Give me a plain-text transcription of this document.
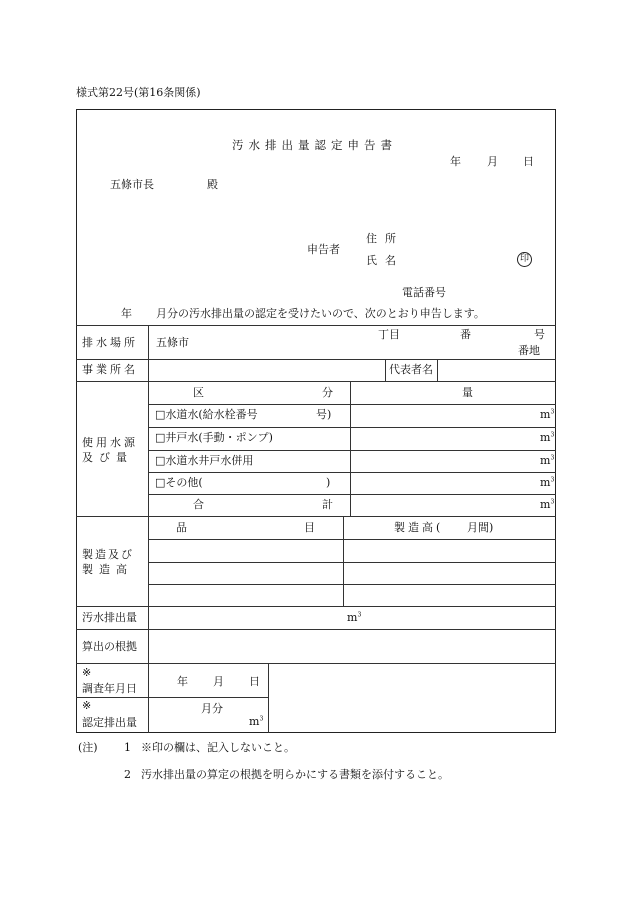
様式第22号(第16条関係)
汚水排出量認定申告書
年 月 日
五條市長	殿
申告者
住所
氏名	印
電話番号
年 月分の汚水排出量の認定を受けたいので、次のとおり申告します。
排水場所 五條市
丁目	番	号
番地
事業所名	代表者名
使用水源
及び量
区	分	量
□水道水(給水栓番号	号)	$m^3$
□井戸水(手動・ポンプ)	$m^3$
□水道水井戸水併用	$m^3$
□その他(	)	$m^3$
合	計	$m^3$
製造及び
製造高
品	目	製造高( 月間)
汚水排出量	$m^3$
算出の根拠
※
調査年月日
年 月 日
※
認定排出量
月分
$m^3$
(注) 1 ※印の欄は、記入しないこと。
2 汚水排出量の算定の根拠を明らかにする書類を添付すること。
